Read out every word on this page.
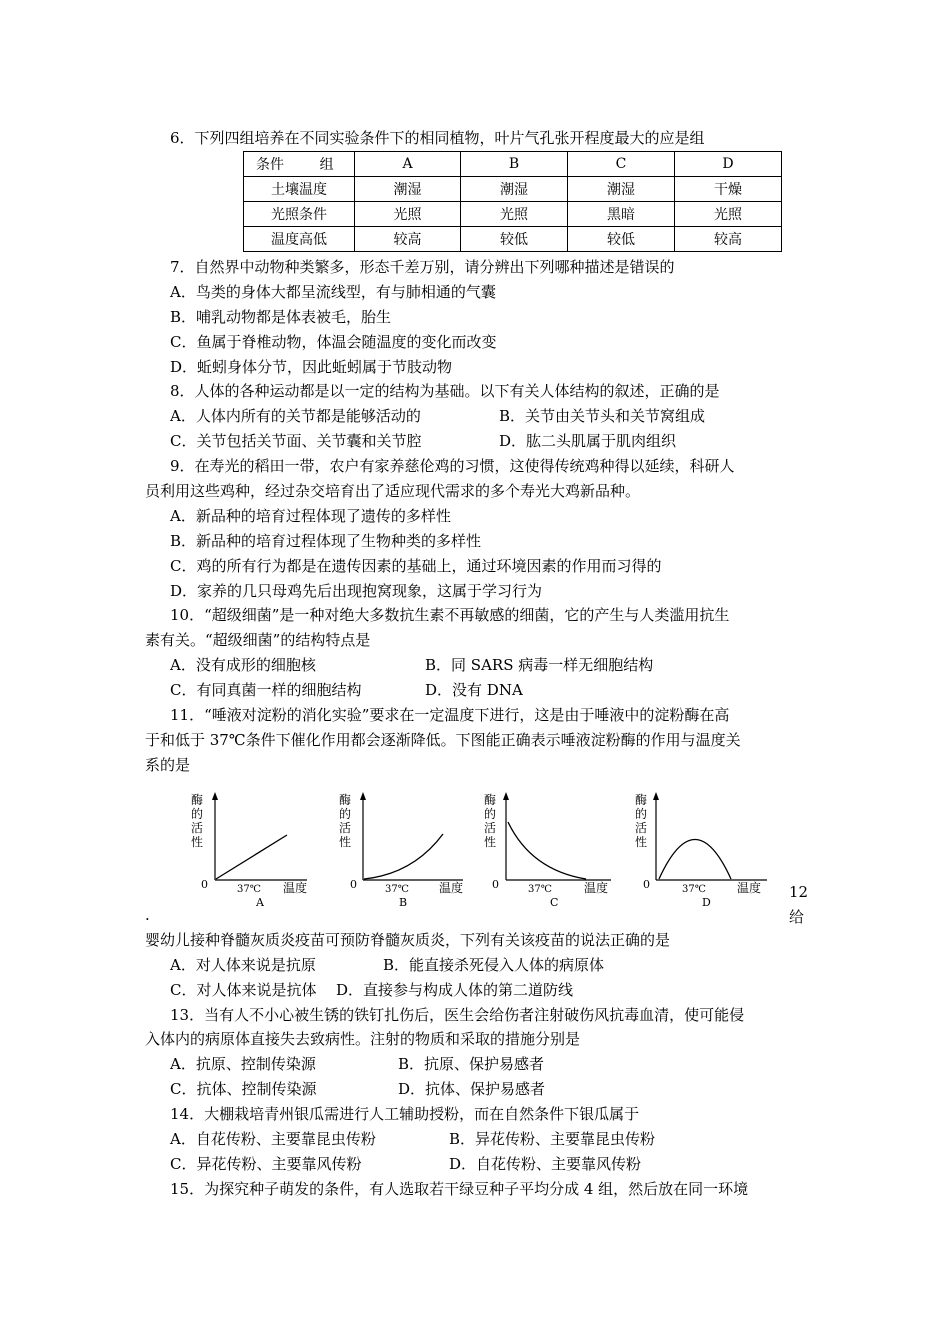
6．下列四组培养在不同实验条件下的相同植物，叶片气孔张开程度最大的应是组
条件        组	A	B	C	D
土壤温度	潮湿	潮湿	潮湿	干燥
光照条件	光照	光照	黑暗	光照
温度高低	较高	较低	较低	较高
7．自然界中动物种类繁多，形态千差万别，请分辨出下列哪种描述是错误的
A．鸟类的身体大都呈流线型，有与肺相通的气囊
B．哺乳动物都是体表被毛，胎生
C．鱼属于脊椎动物，体温会随温度的变化而改变
D．蚯蚓身体分节，因此蚯蚓属于节肢动物
8．人体的各种运动都是以一定的结构为基础。以下有关人体结构的叙述，正确的是
A．人体内所有的关节都是能够活动的	B．关节由关节头和关节窝组成
C．关节包括关节面、关节囊和关节腔	D．肱二头肌属于肌肉组织
9．在寿光的稻田一带，农户有家养慈伦鸡的习惯，这使得传统鸡种得以延续，科研人
员利用这些鸡种，经过杂交培育出了适应现代需求的多个寿光大鸡新品种。
A．新品种的培育过程体现了遗传的多样性
B．新品种的培育过程体现了生物种类的多样性
C．鸡的所有行为都是在遗传因素的基础上，通过环境因素的作用而习得的
D．家养的几只母鸡先后出现抱窝现象，这属于学习行为
10．“超级细菌”是一种对绝大多数抗生素不再敏感的细菌，它的产生与人类滥用抗生
素有关。“超级细菌”的结构特点是
A．没有成形的细胞核	B．同 SARS 病毒一样无细胞结构
C．有同真菌一样的细胞结构	D．没有 DNA
11．“唾液对淀粉的消化实验”要求在一定温度下进行，这是由于唾液中的淀粉酶在高
于和低于 37℃条件下催化作用都会逐渐降低。下图能正确表示唾液淀粉酶的作用与温度关
系的是
酶
的
活
性
0	37℃ 温度
A
酶
的
活
性
0	37℃	温度
B
酶
的
活
性
0	37℃	温度
C
酶
的
活
性
0	37℃	温度
D
12
.	给
婴幼儿接种脊髓灰质炎疫苗可预防脊髓灰质炎，下列有关该疫苗的说法正确的是
A．对人体来说是抗原	B．能直接杀死侵入人体的病原体
C．对人体来说是抗体	D．直接参与构成人体的第二道防线
13．当有人不小心被生锈的铁钉扎伤后，医生会给伤者注射破伤风抗毒血清，使可能侵
入体内的病原体直接失去致病性。注射的物质和采取的措施分别是
A．抗原、控制传染源	B．抗原、保护易感者
C．抗体、控制传染源	D．抗体、保护易感者
14．大棚栽培青州银瓜需进行人工辅助授粉，而在自然条件下银瓜属于
A．自花传粉、主要靠昆虫传粉	B．异花传粉、主要靠昆虫传粉
C．异花传粉、主要靠风传粉	D．自花传粉、主要靠风传粉
15．为探究种子萌发的条件，有人选取若干绿豆种子平均分成 4 组，然后放在同一环境
